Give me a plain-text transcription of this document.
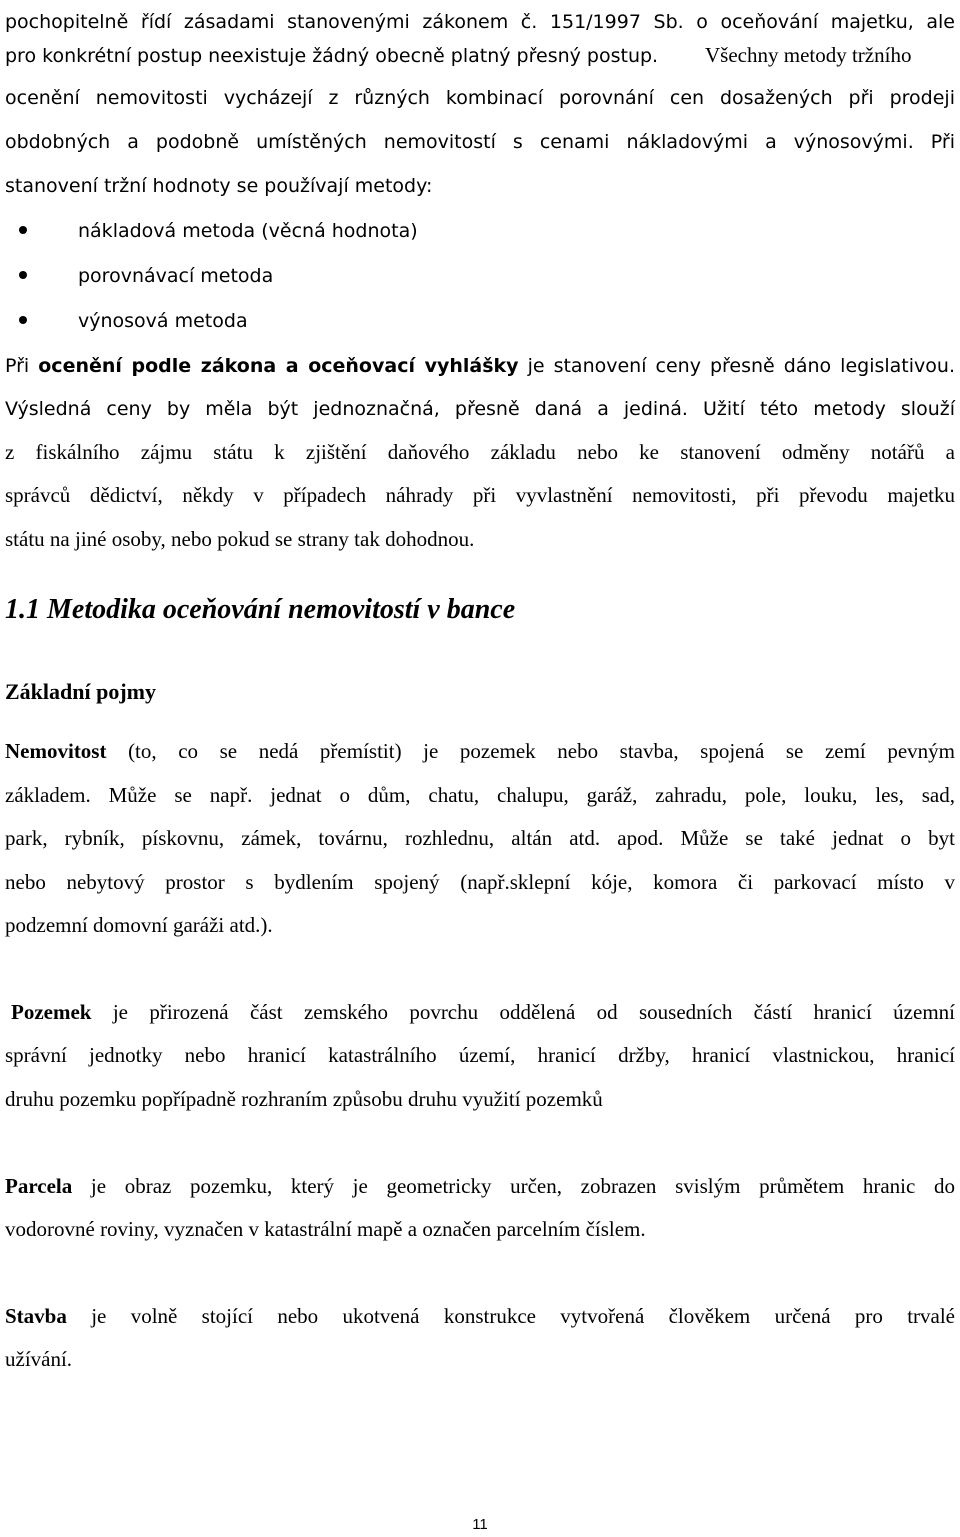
pochopitelně řídí zásadami stanovenými zákonem č. 151/1997 Sb. o oceňování majetku, ale
pro konkrétní postup neexistuje žádný obecně platný přesný postup. Všechny metody tržního
ocenění nemovitosti vycházejí z různých kombinací porovnání cen dosažených při prodeji
obdobných a podobně umístěných nemovitostí s cenami nákladovými a výnosovými. Při
stanovení tržní hodnoty se používají metody:
nákladová metoda (věcná hodnota)
porovnávací metoda
výnosová metoda
Při ocenění podle zákona a oceňovací vyhlášky je stanovení ceny přesně dáno legislativou.
Výsledná ceny by měla být jednoznačná, přesně daná a jediná. Užití této metody slouží
z fiskálního zájmu státu k zjištění daňového základu nebo ke stanovení odměny notářů a
správců dědictví, někdy v případech náhrady při vyvlastnění nemovitosti, při převodu majetku
státu na jiné osoby, nebo pokud se strany tak dohodnou.
1.1 Metodika oceňování nemovitostí v bance
Základní pojmy
Nemovitost (to, co se nedá přemístit) je pozemek nebo stavba, spojená se zemí pevným
základem. Může se např. jednat o dům, chatu, chalupu, garáž, zahradu, pole, louku, les, sad,
park, rybník, pískovnu, zámek, továrnu, rozhlednu, altán atd. apod. Může se také jednat o byt
nebo nebytový prostor s bydlením spojený (např.sklepní kóje, komora či parkovací místo v
podzemní domovní garáži atd.).
Pozemek je přirozená část zemského povrchu oddělená od sousedních částí hranicí územní
správní jednotky nebo hranicí katastrálního území, hranicí držby, hranicí vlastnickou, hranicí
druhu pozemku popřípadně rozhraním způsobu druhu využití pozemků
Parcela je obraz pozemku, který je geometricky určen, zobrazen svislým průmětem hranic do
vodorovné roviny, vyznačen v katastrální mapě a označen parcelním číslem.
Stavba je volně stojící nebo ukotvená konstrukce vytvořená člověkem určená pro trvalé
užívání.
11
